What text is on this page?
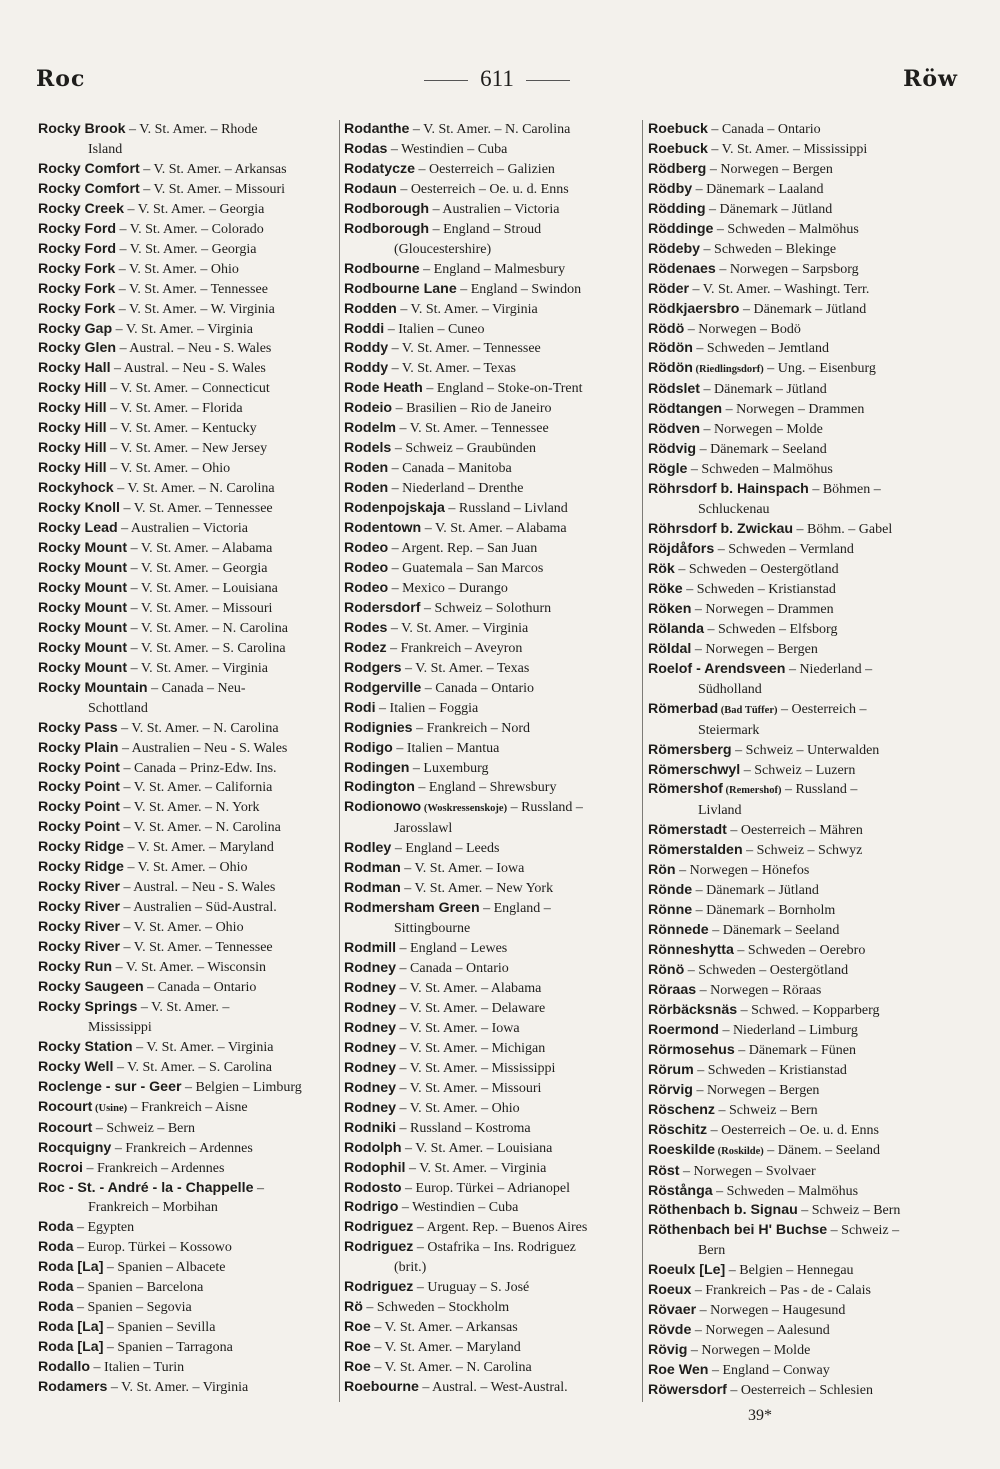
Roc	611	Röw
Rocky Brook – V. St. Amer. – Rhode
Island
Rocky Comfort – V. St. Amer. – Arkansas
Rocky Comfort – V. St. Amer. – Missouri
Rocky Creek – V. St. Amer. – Georgia
Rocky Ford – V. St. Amer. – Colorado
Rocky Ford – V. St. Amer. – Georgia
Rocky Fork – V. St. Amer. – Ohio
Rocky Fork – V. St. Amer. – Tennessee
Rocky Fork – V. St. Amer. – W. Virginia
Rocky Gap – V. St. Amer. – Virginia
Rocky Glen – Austral. – Neu - S. Wales
Rocky Hall – Austral. – Neu - S. Wales
Rocky Hill – V. St. Amer. – Connecticut
Rocky Hill – V. St. Amer. – Florida
Rocky Hill – V. St. Amer. – Kentucky
Rocky Hill – V. St. Amer. – New Jersey
Rocky Hill – V. St. Amer. – Ohio
Rockyhock – V. St. Amer. – N. Carolina
Rocky Knoll – V. St. Amer. – Tennessee
Rocky Lead – Australien – Victoria
Rocky Mount – V. St. Amer. – Alabama
Rocky Mount – V. St. Amer. – Georgia
Rocky Mount – V. St. Amer. – Louisiana
Rocky Mount – V. St. Amer. – Missouri
Rocky Mount – V. St. Amer. – N. Carolina
Rocky Mount – V. St. Amer. – S. Carolina
Rocky Mount – V. St. Amer. – Virginia
Rocky Mountain – Canada – Neu-
Schottland
Rocky Pass – V. St. Amer. – N. Carolina
Rocky Plain – Australien – Neu - S. Wales
Rocky Point – Canada – Prinz-Edw. Ins.
Rocky Point – V. St. Amer. – California
Rocky Point – V. St. Amer. – N. York
Rocky Point – V. St. Amer. – N. Carolina
Rocky Ridge – V. St. Amer. – Maryland
Rocky Ridge – V. St. Amer. – Ohio
Rocky River – Austral. – Neu - S. Wales
Rocky River – Australien – Süd-Austral.
Rocky River – V. St. Amer. – Ohio
Rocky River – V. St. Amer. – Tennessee
Rocky Run – V. St. Amer. – Wisconsin
Rocky Saugeen – Canada – Ontario
Rocky Springs – V. St. Amer. –
Mississippi
Rocky Station – V. St. Amer. – Virginia
Rocky Well – V. St. Amer. – S. Carolina
Roclenge - sur - Geer – Belgien – Limburg
Rocourt (Usine) – Frankreich – Aisne
Rocourt – Schweiz – Bern
Rocquigny – Frankreich – Ardennes
Rocroi – Frankreich – Ardennes
Roc - St. - André - la - Chappelle –
Frankreich – Morbihan
Roda – Egypten
Roda – Europ. Türkei – Kossowo
Roda [La] – Spanien – Albacete
Roda – Spanien – Barcelona
Roda – Spanien – Segovia
Roda [La] – Spanien – Sevilla
Roda [La] – Spanien – Tarragona
Rodallo – Italien – Turin
Rodamers – V. St. Amer. – Virginia
Rodanthe – V. St. Amer. – N. Carolina
Rodas – Westindien – Cuba
Rodatycze – Oesterreich – Galizien
Rodaun – Oesterreich – Oe. u. d. Enns
Rodborough – Australien – Victoria
Rodborough – England – Stroud
(Gloucestershire)
Rodbourne – England – Malmesbury
Rodbourne Lane – England – Swindon
Rodden – V. St. Amer. – Virginia
Roddi – Italien – Cuneo
Roddy – V. St. Amer. – Tennessee
Roddy – V. St. Amer. – Texas
Rode Heath – England – Stoke-on-Trent
Rodeio – Brasilien – Rio de Janeiro
Rodelm – V. St. Amer. – Tennessee
Rodels – Schweiz – Graubünden
Roden – Canada – Manitoba
Roden – Niederland – Drenthe
Rodenpojskaja – Russland – Livland
Rodentown – V. St. Amer. – Alabama
Rodeo – Argent. Rep. – San Juan
Rodeo – Guatemala – San Marcos
Rodeo – Mexico – Durango
Rodersdorf – Schweiz – Solothurn
Rodes – V. St. Amer. – Virginia
Rodez – Frankreich – Aveyron
Rodgers – V. St. Amer. – Texas
Rodgerville – Canada – Ontario
Rodi – Italien – Foggia
Rodignies – Frankreich – Nord
Rodigo – Italien – Mantua
Rodingen – Luxemburg
Rodington – England – Shrewsbury
Rodionowo (Woskressenskoje) – Russland –
Jarosslawl
Rodley – England – Leeds
Rodman – V. St. Amer. – Iowa
Rodman – V. St. Amer. – New York
Rodmersham Green – England –
Sittingbourne
Rodmill – England – Lewes
Rodney – Canada – Ontario
Rodney – V. St. Amer. – Alabama
Rodney – V. St. Amer. – Delaware
Rodney – V. St. Amer. – Iowa
Rodney – V. St. Amer. – Michigan
Rodney – V. St. Amer. – Mississippi
Rodney – V. St. Amer. – Missouri
Rodney – V. St. Amer. – Ohio
Rodniki – Russland – Kostroma
Rodolph – V. St. Amer. – Louisiana
Rodophil – V. St. Amer. – Virginia
Rodosto – Europ. Türkei – Adrianopel
Rodrigo – Westindien – Cuba
Rodriguez – Argent. Rep. – Buenos Aires
Rodriguez – Ostafrika – Ins. Rodriguez
(brit.)
Rodriguez – Uruguay – S. José
Rö – Schweden – Stockholm
Roe – V. St. Amer. – Arkansas
Roe – V. St. Amer. – Maryland
Roe – V. St. Amer. – N. Carolina
Roebourne – Austral. – West-Austral.
Roebuck – Canada – Ontario
Roebuck – V. St. Amer. – Mississippi
Rödberg – Norwegen – Bergen
Rödby – Dänemark – Laaland
Rödding – Dänemark – Jütland
Röddinge – Schweden – Malmöhus
Rödeby – Schweden – Blekinge
Rödenaes – Norwegen – Sarpsborg
Röder – V. St. Amer. – Washingt. Terr.
Rödkjaersbro – Dänemark – Jütland
Rödö – Norwegen – Bodö
Rödön – Schweden – Jemtland
Rödön (Riedlingsdorf) – Ung. – Eisenburg
Rödslet – Dänemark – Jütland
Rödtangen – Norwegen – Drammen
Rödven – Norwegen – Molde
Rödvig – Dänemark – Seeland
Rögle – Schweden – Malmöhus
Röhrsdorf b. Hainspach – Böhmen –
Schluckenau
Röhrsdorf b. Zwickau – Böhm. – Gabel
Röjdåfors – Schweden – Vermland
Rök – Schweden – Oestergötland
Röke – Schweden – Kristianstad
Röken – Norwegen – Drammen
Rölanda – Schweden – Elfsborg
Röldal – Norwegen – Bergen
Roelof - Arendsveen – Niederland –
Südholland
Römerbad (Bad Tüffer) – Oesterreich –
Steiermark
Römersberg – Schweiz – Unterwalden
Römerschwyl – Schweiz – Luzern
Römershof (Remershof) – Russland –
Livland
Römerstadt – Oesterreich – Mähren
Römerstalden – Schweiz – Schwyz
Rön – Norwegen – Hönefos
Rönde – Dänemark – Jütland
Rönne – Dänemark – Bornholm
Rönnede – Dänemark – Seeland
Rönneshytta – Schweden – Oerebro
Rönö – Schweden – Oestergötland
Röraas – Norwegen – Röraas
Rörbäcksnäs – Schwed. – Kopparberg
Roermond – Niederland – Limburg
Rörmosehus – Dänemark – Fünen
Rörum – Schweden – Kristianstad
Rörvig – Norwegen – Bergen
Röschenz – Schweiz – Bern
Röschitz – Oesterreich – Oe. u. d. Enns
Roeskilde (Roskilde) – Dänem. – Seeland
Röst – Norwegen – Svolvaer
Röstånga – Schweden – Malmöhus
Röthenbach b. Signau – Schweiz – Bern
Röthenbach bei H' Buchse – Schweiz –
Bern
Roeulx [Le] – Belgien – Hennegau
Roeux – Frankreich – Pas - de - Calais
Rövaer – Norwegen – Haugesund
Rövde – Norwegen – Aalesund
Rövig – Norwegen – Molde
Roe Wen – England – Conway
Röwersdorf – Oesterreich – Schlesien
39*
